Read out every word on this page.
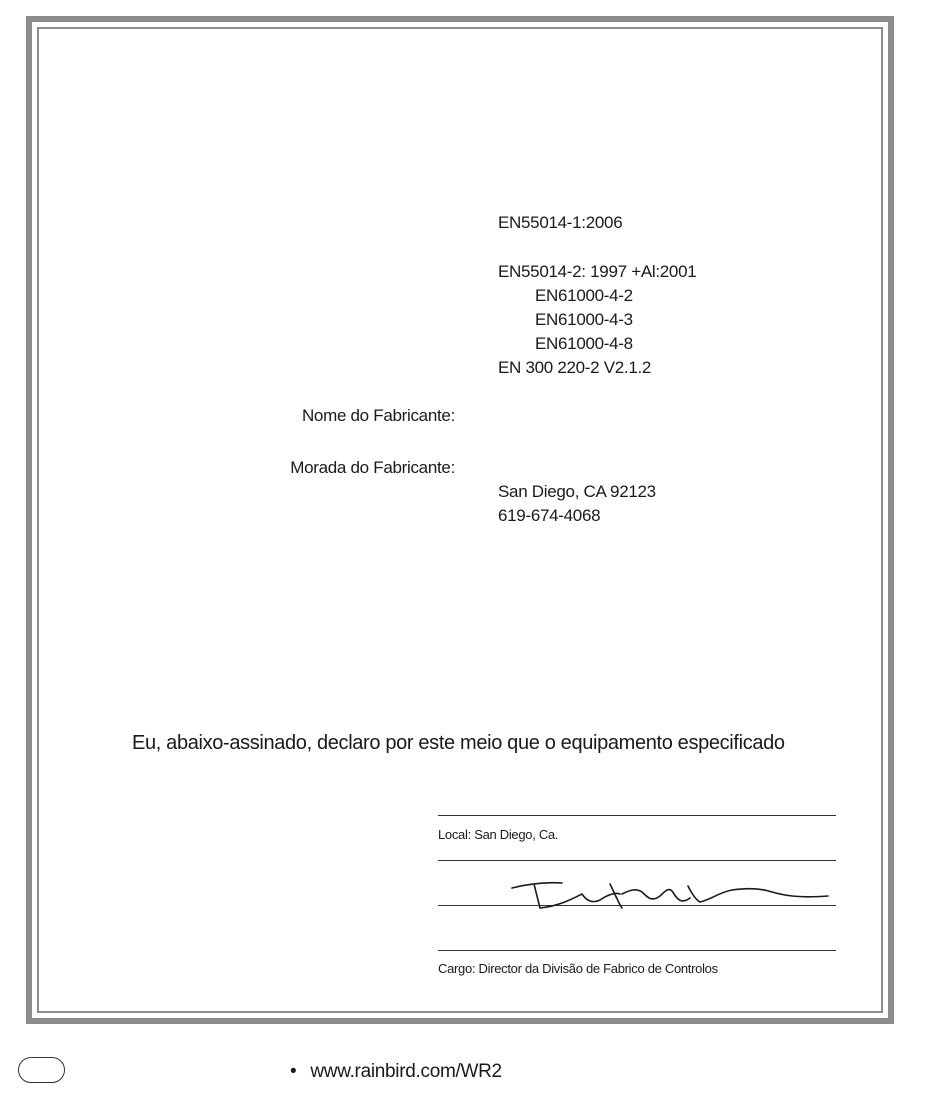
EN55014-1:2006
EN55014-2: 1997 +Al:2001
EN61000-4-2
EN61000-4-3
EN61000-4-8
EN 300 220-2 V2.1.2
Nome do Fabricante:
Morada do Fabricante:
San Diego, CA 92123
619-674-4068
Eu, abaixo-assinado, declaro por este meio que o equipamento especificado
Local: San Diego, Ca.
Cargo: Director da Divisão de Fabrico de Controlos
• www.rainbird.com/WR2
